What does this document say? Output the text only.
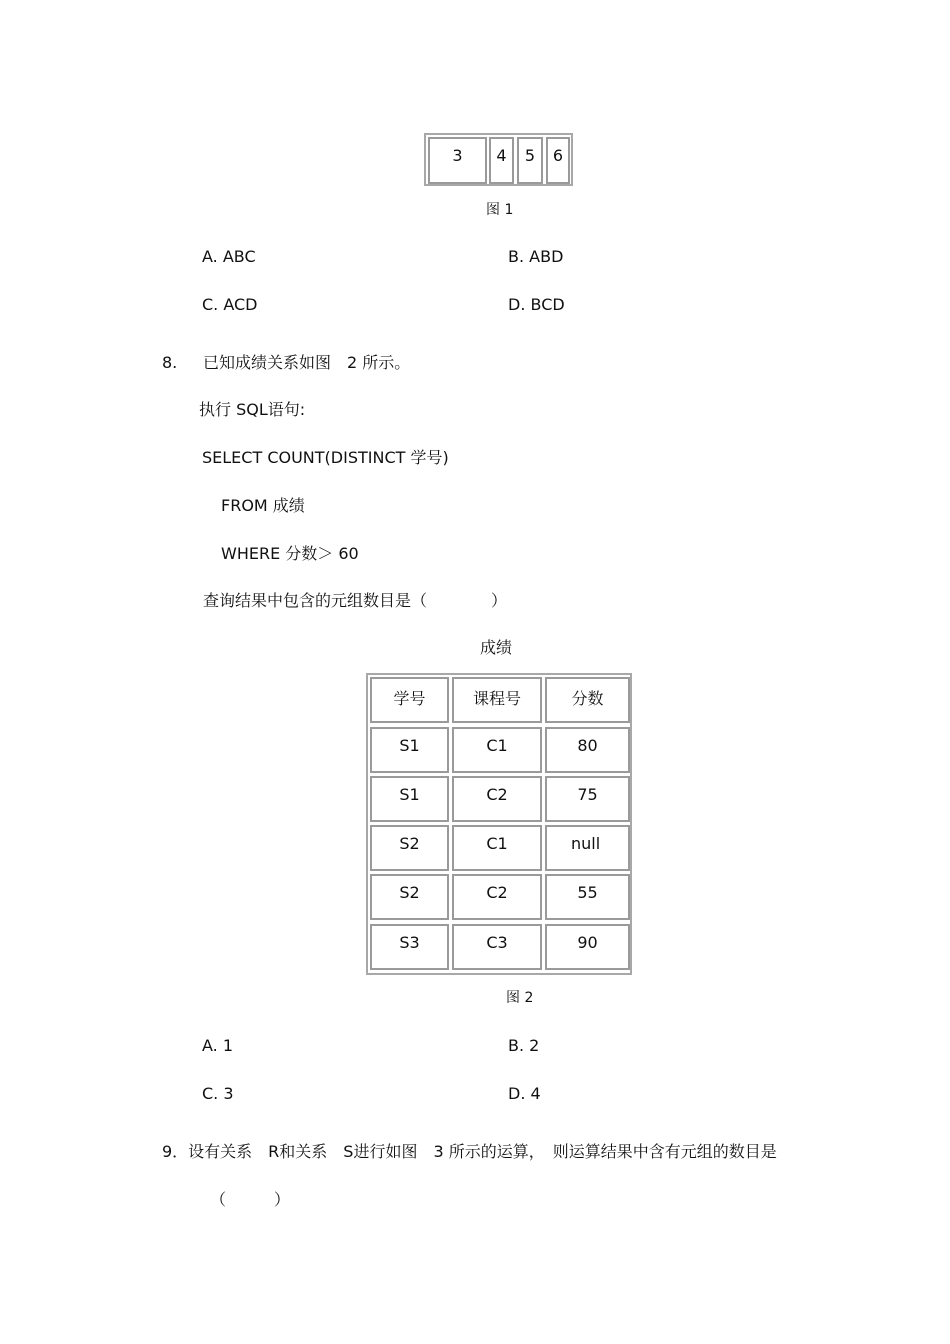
3	4	5	6
图 1
A. ABC	B. ABD
C. ACD	D. BCD
8. 已知成绩关系如图　2 所示。
执行 SQL语句:
SELECT COUNT(DISTINCT 学号)
FROM 成绩
WHERE 分数＞ 60
查询结果中包含的元组数目是（　　　　）
成绩
学号	课程号	分数
S1	C1	80
S1	C2	75
S2	C1	null
S2	C2	55
S3	C3	90
图 2
A. 1	B. 2
C. 3	D. 4
9．设有关系　R和关系　S进行如图　3 所示的运算，　则运算结果中含有元组的数目是
（　　　）
